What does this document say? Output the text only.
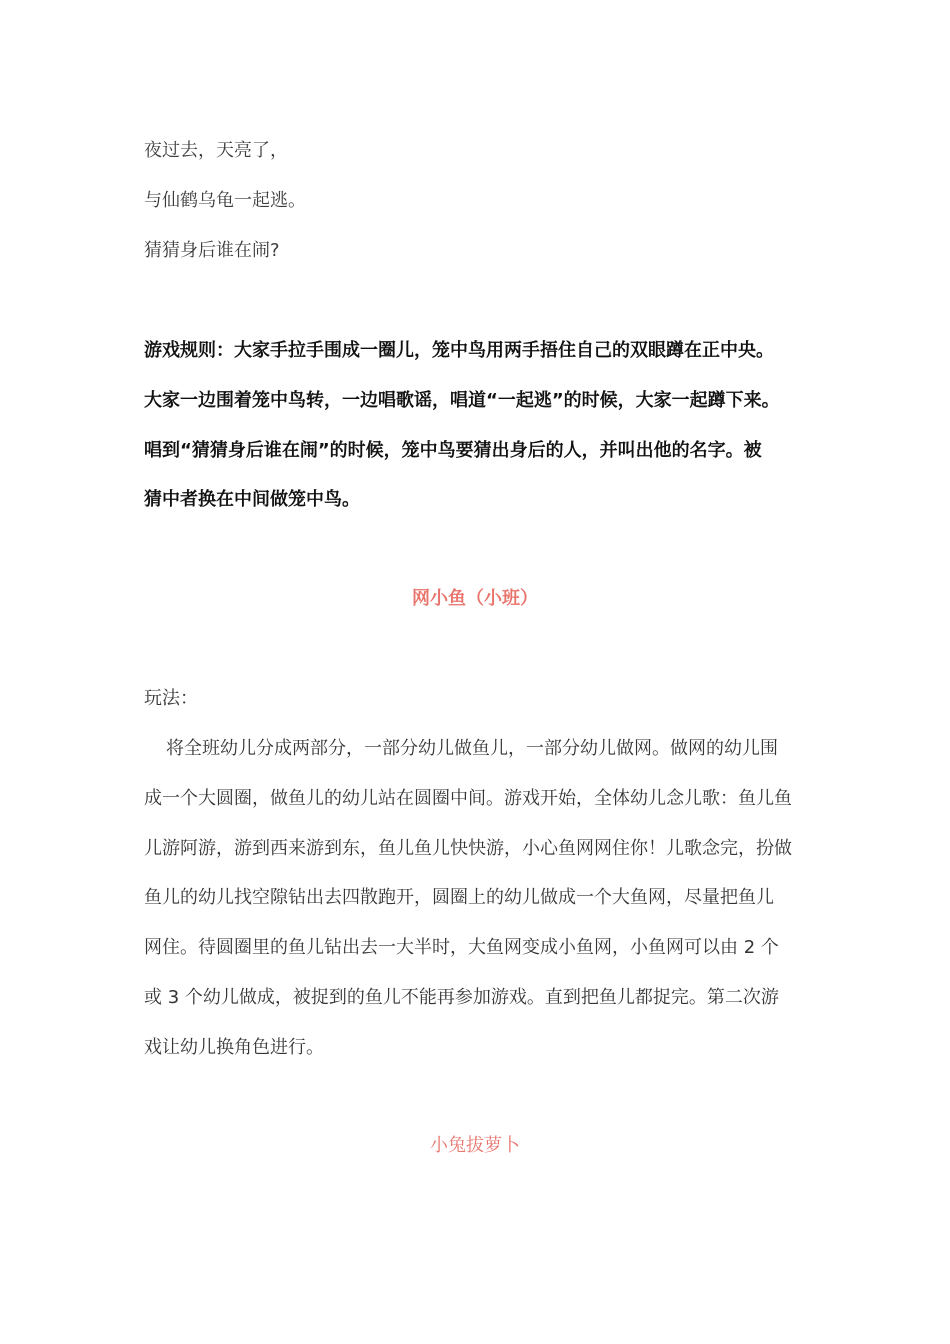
夜过去，天亮了，
与仙鹤乌龟一起逃。
猜猜身后谁在闹?
游戏规则：大家手拉手围成一圈儿，笼中鸟用两手捂住自己的双眼蹲在正中央。
大家一边围着笼中鸟转，一边唱歌谣，唱道“一起逃”的时候，大家一起蹲下来。
唱到“猜猜身后谁在闹”的时候，笼中鸟要猜出身后的人，并叫出他的名字。被
猜中者换在中间做笼中鸟。
网小鱼（小班）
玩法：
将全班幼儿分成两部分，一部分幼儿做鱼儿，一部分幼儿做网。做网的幼儿围
成一个大圆圈，做鱼儿的幼儿站在圆圈中间。游戏开始，全体幼儿念儿歌：鱼儿鱼
儿游阿游，游到西来游到东，鱼儿鱼儿快快游，小心鱼网网住你！儿歌念完，扮做
鱼儿的幼儿找空隙钻出去四散跑开，圆圈上的幼儿做成一个大鱼网，尽量把鱼儿
网住。待圆圈里的鱼儿钻出去一大半时，大鱼网变成小鱼网，小鱼网可以由 2 个
或 3 个幼儿做成，被捉到的鱼儿不能再参加游戏。直到把鱼儿都捉完。第二次游
戏让幼儿换角色进行。
小兔拔萝卜
